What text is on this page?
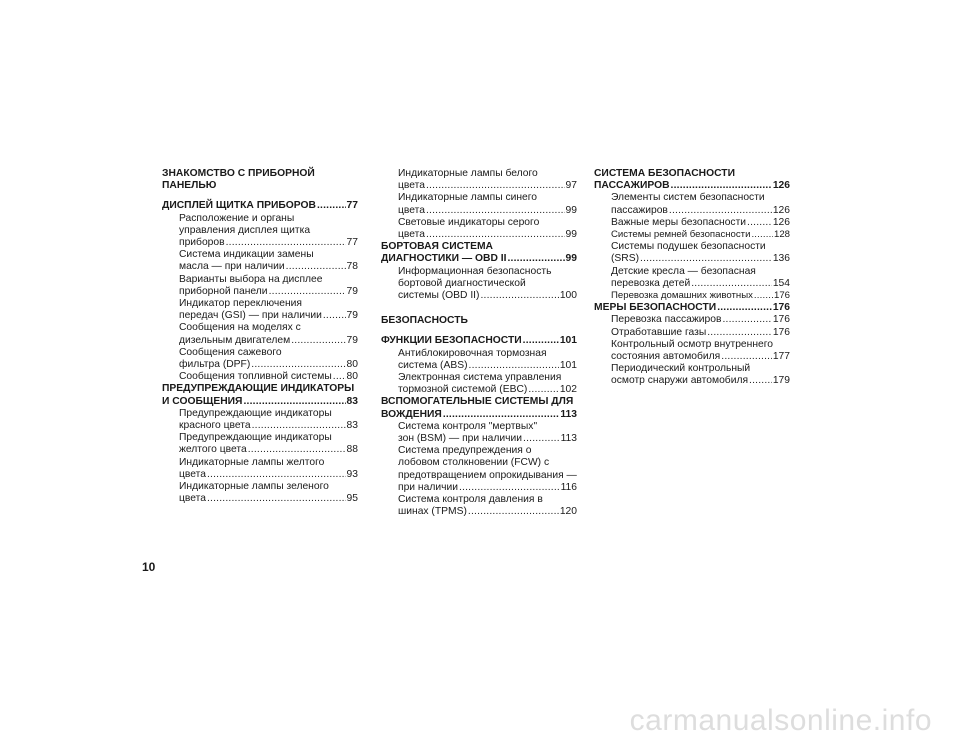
ЗНАКОМСТВО С ПРИБОРНОЙ
ПАНЕЛЬЮ
ДИСПЛЕЙ ЩИТКА ПРИБОРОВ .....	77
Расположение и органы
управления дисплея щитка
приборов .....	77
Система индикации замены
масла — при наличии .....	78
Варианты выбора на дисплее
приборной панели .....	79
Индикатор переключения
передач (GSI) — при наличии ..... 79
Сообщения на моделях с
дизельным двигателем .....	79
Сообщения сажевого
фильтра (DPF) .....	80
Сообщения топливной системы ..... 80
ПРЕДУПРЕЖДАЮЩИЕ ИНДИКАТОРЫ
И СООБЩЕНИЯ .....	83
Предупреждающие индикаторы
красного цвета .....	83
Предупреждающие индикаторы
желтого цвета .....	88
Индикаторные лампы желтого
цвета .....	93
Индикаторные лампы зеленого
цвета .....	95
Индикаторные лампы белого
цвета .....	97
Индикаторные лампы синего
цвета .....	99
Световые индикаторы серого
цвета .....	99
БОРТОВАЯ СИСТЕМА
ДИАГНОСТИКИ — OBD II .....	99
Информационная безопасность
бортовой диагностической
системы (OBD II) .....	100
БЕЗОПАСНОСТЬ
ФУНКЦИИ БЕЗОПАСНОСТИ .....	101
Антиблокировочная тормозная
система (ABS) .....	101
Электронная система управления
тормозной системой (EBC) .....	102
ВСПОМОГАТЕЛЬНЫЕ СИСТЕМЫ ДЛЯ
ВОЖДЕНИЯ .....	113
Система контроля "мертвых"
зон (BSM) — при наличии .....	113
Система предупреждения о
лобовом столкновении (FCW) с
предотвращением опрокидывания —
при наличии .....	116
Система контроля давления в
шинах (TPMS) .....	120
СИСТЕМА БЕЗОПАСНОСТИ
ПАССАЖИРОВ .....	126
Элементы систем безопасности
пассажиров .....	126
Важные меры безопасности .....	126
Системы ремней безопасности ..... 128
Системы подушек безопасности
(SRS) .....	136
Детские кресла — безопасная
перевозка детей .....	154
Перевозка домашних животных ..... 176
МЕРЫ БЕЗОПАСНОСТИ .....	176
Перевозка пассажиров .....	176
Отработавшие газы .....	176
Контрольный осмотр внутреннего
состояния автомобиля .....	177
Периодический контрольный
осмотр снаружи автомобиля ..... 179
10
carmanualsonline.info
